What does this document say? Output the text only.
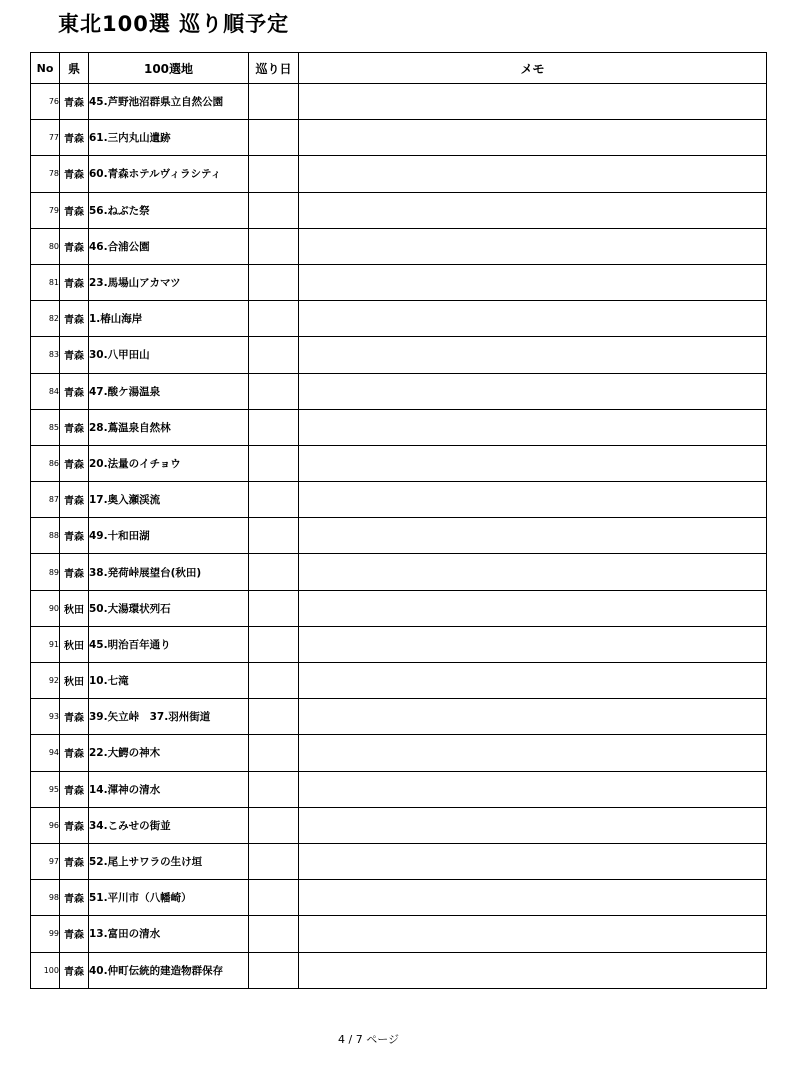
東北100選 巡り順予定
No	県	100選地	巡り日	メモ
76	青森	45.芦野池沼群県立自然公園		
77	青森	61.三内丸山遺跡		
78	青森	60.青森ホテルヴィラシティ		
79	青森	56.ねぶた祭		
80	青森	46.合浦公園		
81	青森	23.馬場山アカマツ		
82	青森	1.椿山海岸		
83	青森	30.八甲田山		
84	青森	47.酸ケ湯温泉		
85	青森	28.蔦温泉自然林		
86	青森	20.法量のイチョウ		
87	青森	17.奥入瀬渓流		
88	青森	49.十和田湖		
89	青森	38.発荷峠展望台(秋田)		
90	秋田	50.大湯環状列石		
91	秋田	45.明治百年通り		
92	秋田	10.七滝		
93	青森	39.矢立峠　37.羽州街道		
94	青森	22.大鰐の神木		
95	青森	14.渾神の清水		
96	青森	34.こみせの街並		
97	青森	52.尾上サワラの生け垣		
98	青森	51.平川市（八幡崎）		
99	青森	13.富田の清水		
100	青森	40.仲町伝統的建造物群保存		
4 / 7 ページ
